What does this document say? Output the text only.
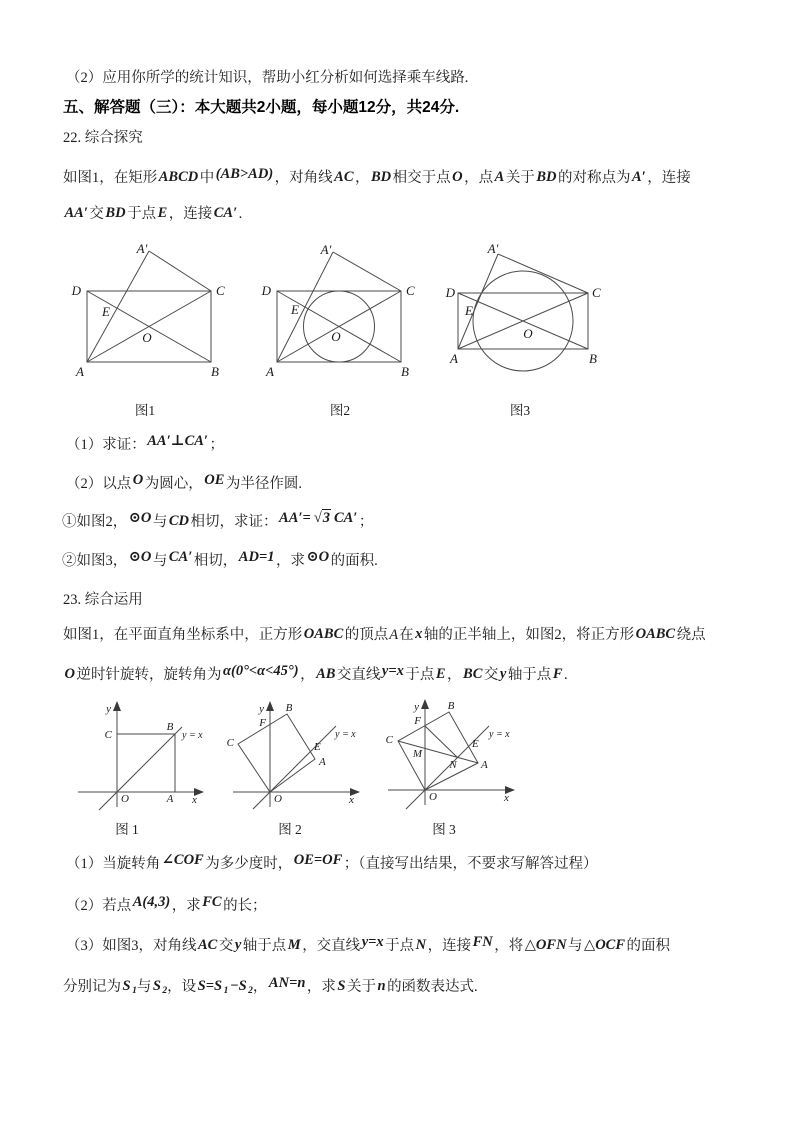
（2）应用你所学的统计知识，帮助小红分析如何选择乘车线路.
五、解答题（三）：本大题共2小题，每小题12分，共24分.
22. 综合探究
如图1，在矩形 ABCD 中 (AB>AD) ，对角线 AC ， BD 相交于点 O ，点 A 关于 BD 的对称点为 A′ ，连接
AA′ 交 BD 于点 E ，连接 CA′ .
D	C
A	B
A′
E
O
D	C
A	B
A′
E
O
D	C
A	B
A′
E
O
图1	图2	图3
（1）求证： AA′⊥CA′ ；
（2）以点 O 为圆心， OE 为半径作圆.
①如图2， ⊙O 与 CD 相切，求证： AA′= √3 CA′ ；
②如图3， ⊙O 与 CA′ 相切， AD=1 ，求 ⊙O 的面积.
23. 综合运用
如图1，在平面直角坐标系中，正方形 OABC 的顶点A在 x 轴的正半轴上，如图2，将正方形 OABC 绕点
O 逆时针旋转，旋转角为 α(0°<α<45°) ， AB 交直线 y=x 于点 E ， BC 交 y 轴于点 F .
y
x
O	A
C
B
y = x
y
x
O
A
B
C
F
E
y = x
y
x
O
A
B
C
F
M
N
E
y = x
图 1	图 2	图 3
（1）当旋转角 ∠COF 为多少度时， OE=OF ；（直接写出结果，不要求写解答过程）
（2）若点 A(4,3) ，求 FC 的长；
（3）如图3，对角线 AC 交 y 轴于点 M ，交直线 y=x 于点 N ，连接 FN ，将 △OFN 与 △OCF 的面积
分别记为 S 1与 S 2，设 S=S 1 −S 2， AN=n ，求 S 关于 n 的函数表达式.
